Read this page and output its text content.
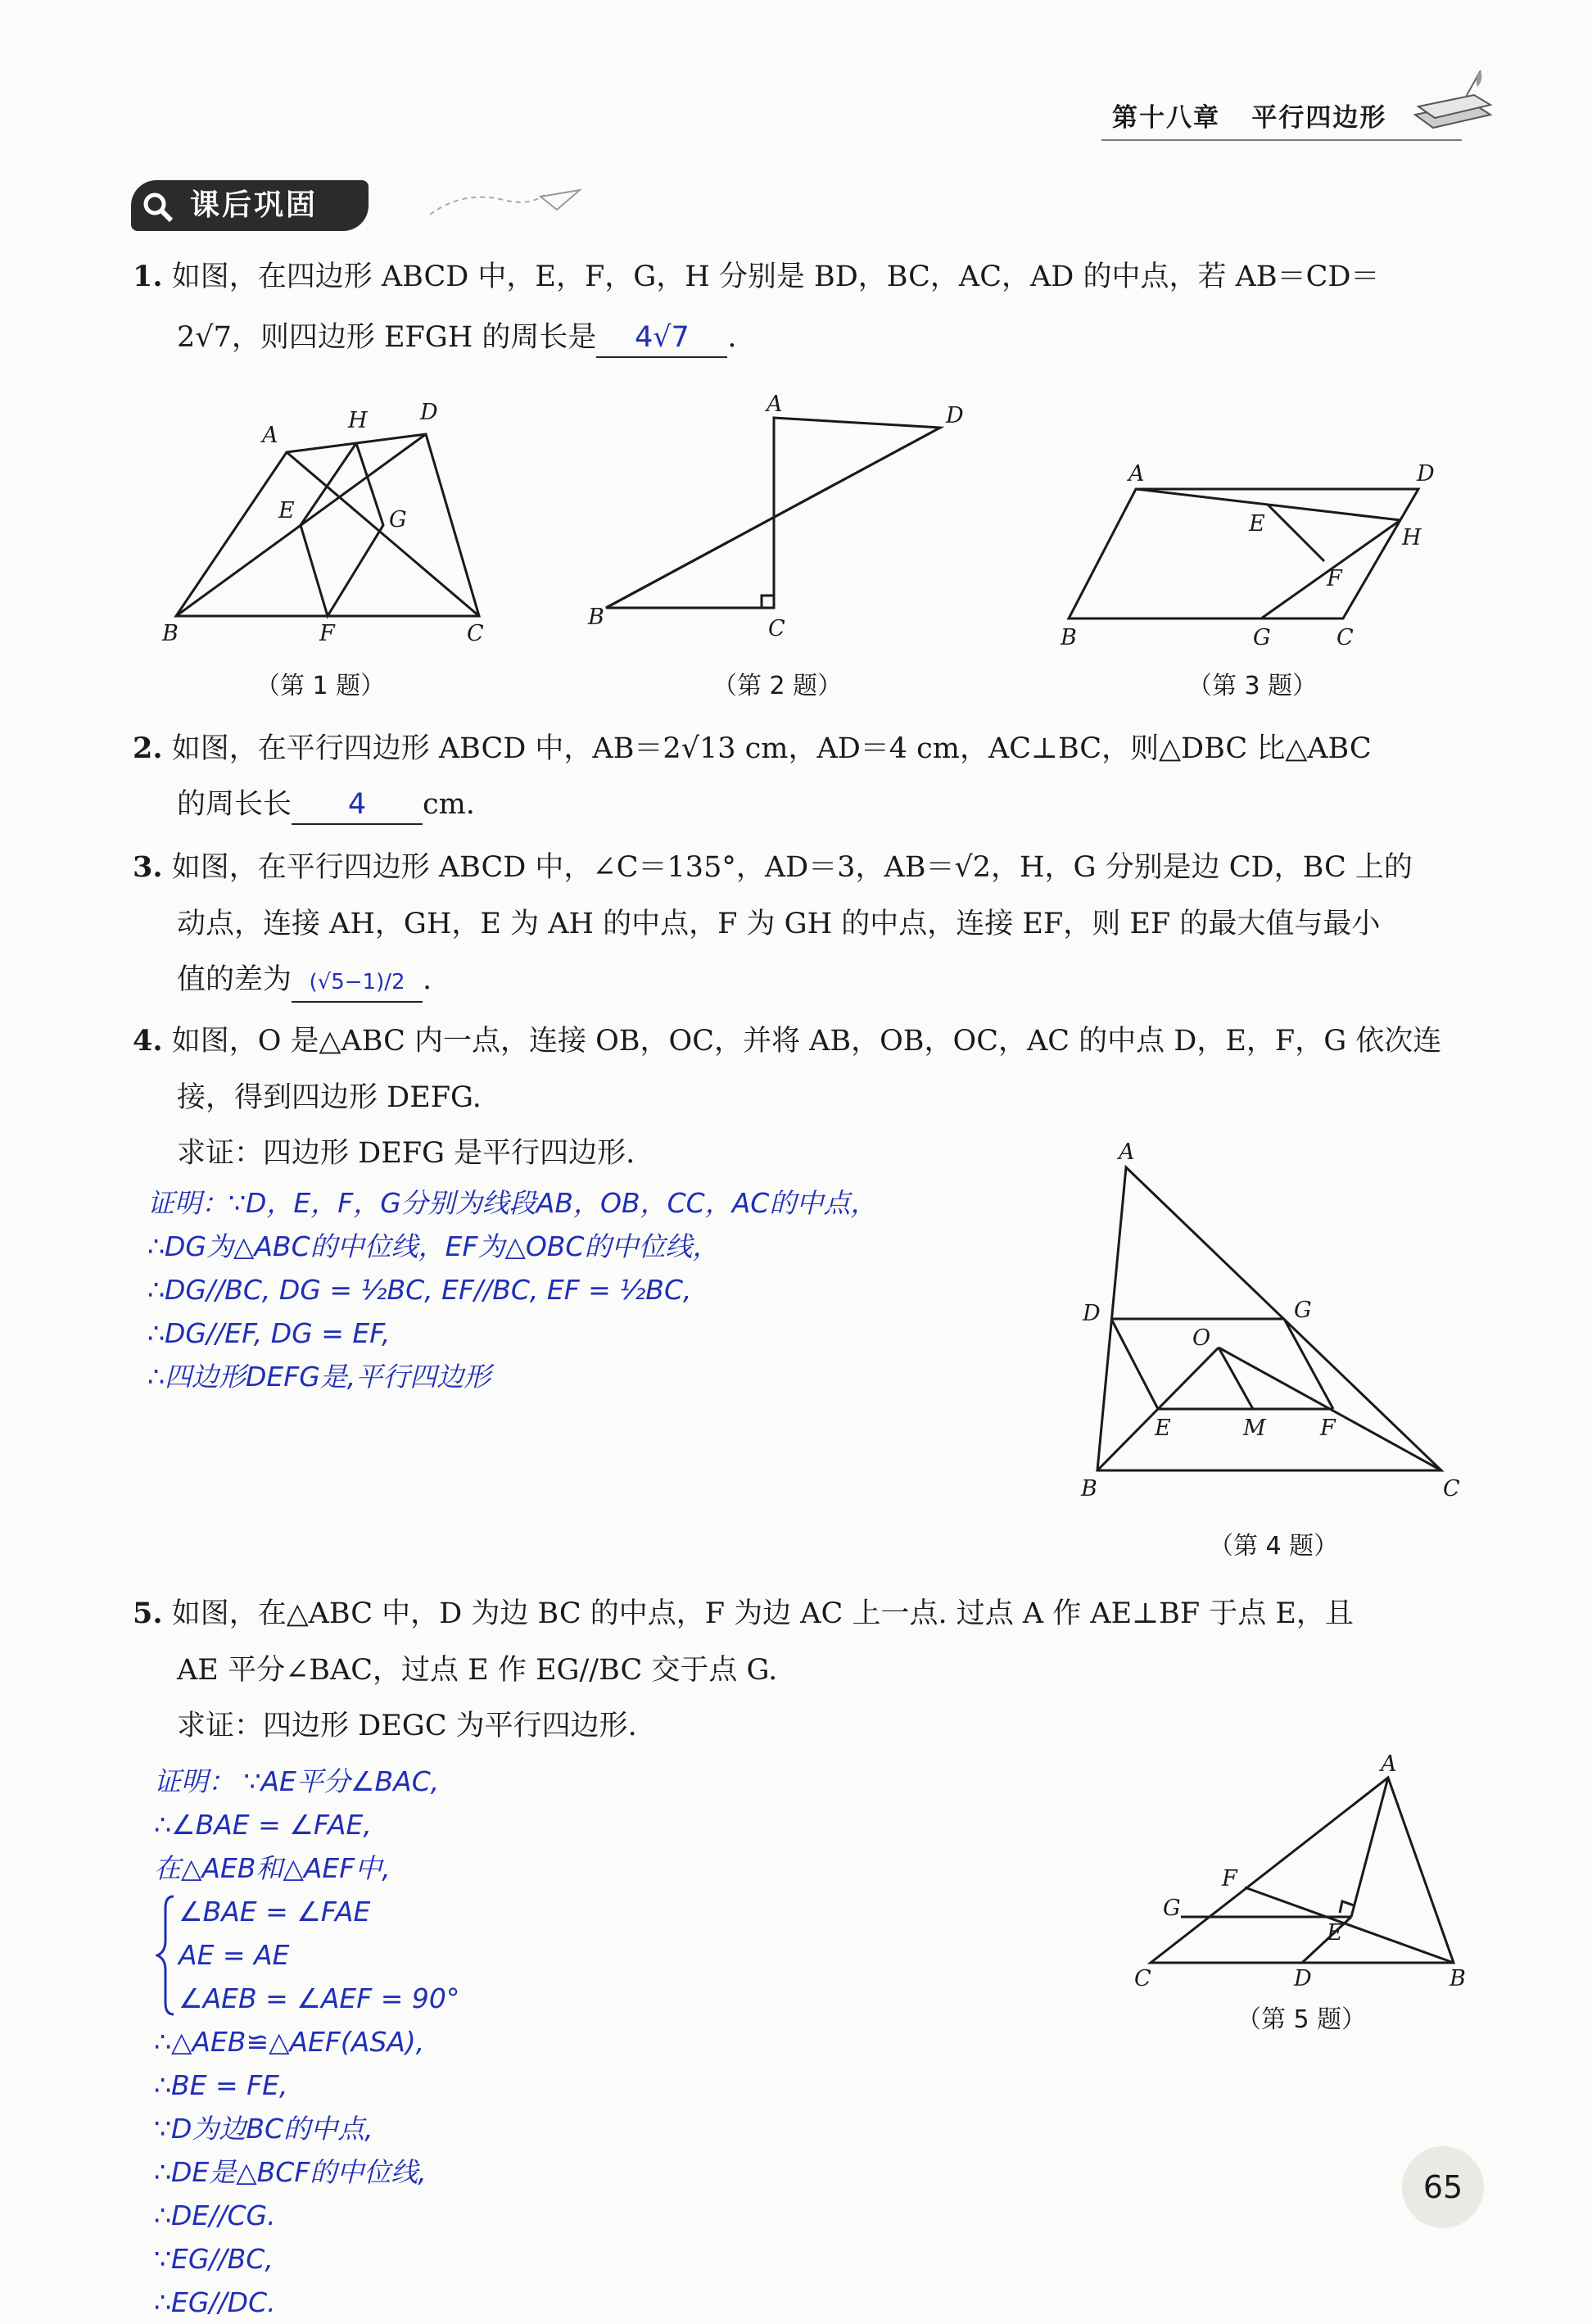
第十八章 平行四边形
课后巩固
1. 如图，在四边形 ABCD 中，E，F，G，H 分别是 BD，BC，AC，AD 的中点，若 AB＝CD＝
2√7，则四边形 EFGH 的周长是 4√7 .
A
H D
E	G
B	F	C
（第 1 题）
A	D
B	C
（第 2 题）
A	D
E
H
F
B	G	C
（第 3 题）
2. 如图，在平行四边形 ABCD 中，AB＝2√13 cm，AD＝4 cm，AC⊥BC，则△DBC 比△ABC
的周长长 4 cm.
3. 如图，在平行四边形 ABCD 中，∠C＝135°，AD＝3，AB＝√2，H，G 分别是边 CD，BC 上的
动点，连接 AH，GH，E 为 AH 的中点，F 为 GH 的中点，连接 EF，则 EF 的最大值与最小
值的差为 (√5−1)/2 .
4. 如图，O 是△ABC 内一点，连接 OB，OC，并将 AB，OB，OC，AC 的中点 D，E，F，G 依次连
接，得到四边形 DEFG.
求证：四边形 DEFG 是平行四边形.
证明：∵D，E，F，G分别为线段AB，OB，CC，AC的中点，
∴DG为△ABC的中位线，EF为△OBC的中位线，
∴DG//BC, DG = ½BC, EF//BC, EF = ½BC,
∴DG//EF, DG = EF,
∴四边形DEFG是,平行四边形
A
D	G
O
E	M F
B	C
（第 4 题）
5. 如图，在△ABC 中，D 为边 BC 的中点，F 为边 AC 上一点. 过点 A 作 AE⊥BF 于点 E，且
AE 平分∠BAC，过点 E 作 EG//BC 交于点 G.
求证：四边形 DEGC 为平行四边形.
证明： ∵AE平分∠BAC,
∴∠BAE = ∠FAE,
在△AEB和△AEF中,
∠BAE = ∠FAE
AE = AE
∠AEB = ∠AEF = 90°
∴△AEB≌△AEF(ASA),
∴BE = FE,
∵D为边BC的中点,
∴DE是△BCF的中位线,
∴DE//CG.
∵EG//BC,
∴EG//DC.
A
F
G
E
C	D	B
（第 5 题）
65
